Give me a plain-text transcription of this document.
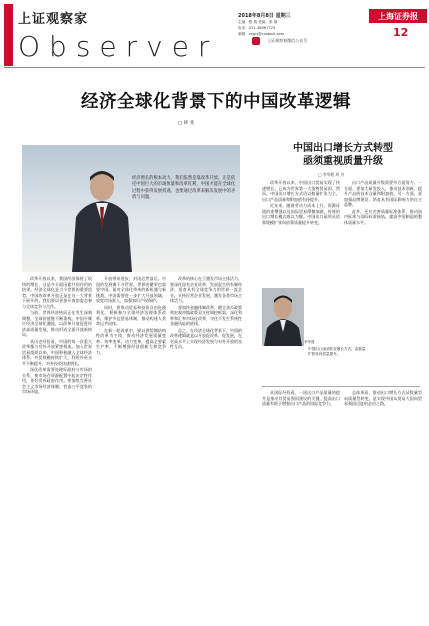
上证观察家
Observer
2018年8月8日 星期三
主编：路 瑞 美编：张 翔
电话：021-38967725
邮箱：zxgcj@cnstock.com
上证观察家微信公众号
上海证券报
12
经济全球化背景下的中国改革逻辑
□ 韩 斐
经济增长的根本动力，我们依然是靠改革开放。正是依托中国巨大的市场体量和改革红利，中国才能在全球化过程中获得发展机遇，也要通过改革来解决发展中的矛盾与问题。

改革开放以来，我国经济保持了较快的增长，这是多方面因素共同作用的结果。经济全球化是当今世界的重要趋势，中国的改革开放正是在这一大背景下展开的。我们要以更加开放的姿态参与全球竞争与合作。

当前，世界经济格局正在发生深刻调整，全球价值链不断重构。中国应顺应经济全球化潮流，以改革开放促进经济高质量发展，推动形成全面开放新格局。

从历史经验看，中国的每一次重大改革都与对外开放紧密相连。加入世界贸易组织以来，中国积极融入全球经济体系，外贸规模持续扩大，利用外资水平不断提升，对外投资快速增长。

深化改革需要处理好政府与市场的关系，使市场在资源配置中起决定性作用，更好发挥政府作用。要加快完善社会主义市场经济体制，营造公平竞争的市场环境。

开放带来进步，封闭必然落后。中国的发展离不开世界，世界的繁荣也需要中国。面对全球化带来的新机遇与新挑战，中国需要进一步扩大开放领域，放宽市场准入，加强知识产权保护。

同时，要推动贸易和投资自由化便利化，积极参与全球经济治理体系改革，维护多边贸易体制，推动构建人类命运共同体。

在新一轮改革中，要以供给侧结构性改革为主线，推动经济发展质量变革、效率变革、动力变革，提高全要素生产率，不断增强经济创新力和竞争力。

改革的核心在于激发市场主体活力。要深化国有企业改革，发展混合所有制经济，培育具有全球竞争力的世界一流企业。支持民营企业发展，激发各类市场主体活力。

要加快金融体制改革，健全货币政策和宏观审慎政策双支柱调控框架，深化利率和汇率市场化改革，守住不发生系统性金融风险的底线。

总之，在经济全球化背景下，中国的改革逻辑就是以开放促改革、促发展，在更高水平上实现经济发展与对外开放的良性互动。

中国出口增长方式转型
亟须重视质量升级
□ 李华健 周 舟

改革开放以来，中国出口贸易实现了快速增长，已成为世界第一大货物贸易国。然而，中国出口增长方式仍以数量扩张为主，出口产品质量和附加值有待提升。

近年来，随着劳动力成本上升、资源环境约束增强以及国际贸易摩擦加剧，传统的出口增长模式难以为继。中国出口亟须从依靠规模扩张向依靠质量提升转变。

出口产品质量升级需要多方面努力。一方面，要加大研发投入，推动技术创新，提升产品的技术含量和附加值。另一方面，要加强品牌建设，培育具有国际影响力的自主品牌。

此外，还应完善质量标准体系，推动国内标准与国际标准接轨，提高中国制造的整体质量水平。

李华健
中国出口亟须转变增长方式，由数量扩张转向质量提升。

从国际经验看，一国出口产品质量的提升是推动其贸易强国建设的关键。提高出口质量有助于增强出口产品的国际竞争力。

总体来看，推动出口增长方式从数量型向质量型转变，是实现中国从贸易大国向贸易强国迈进的必由之路。
